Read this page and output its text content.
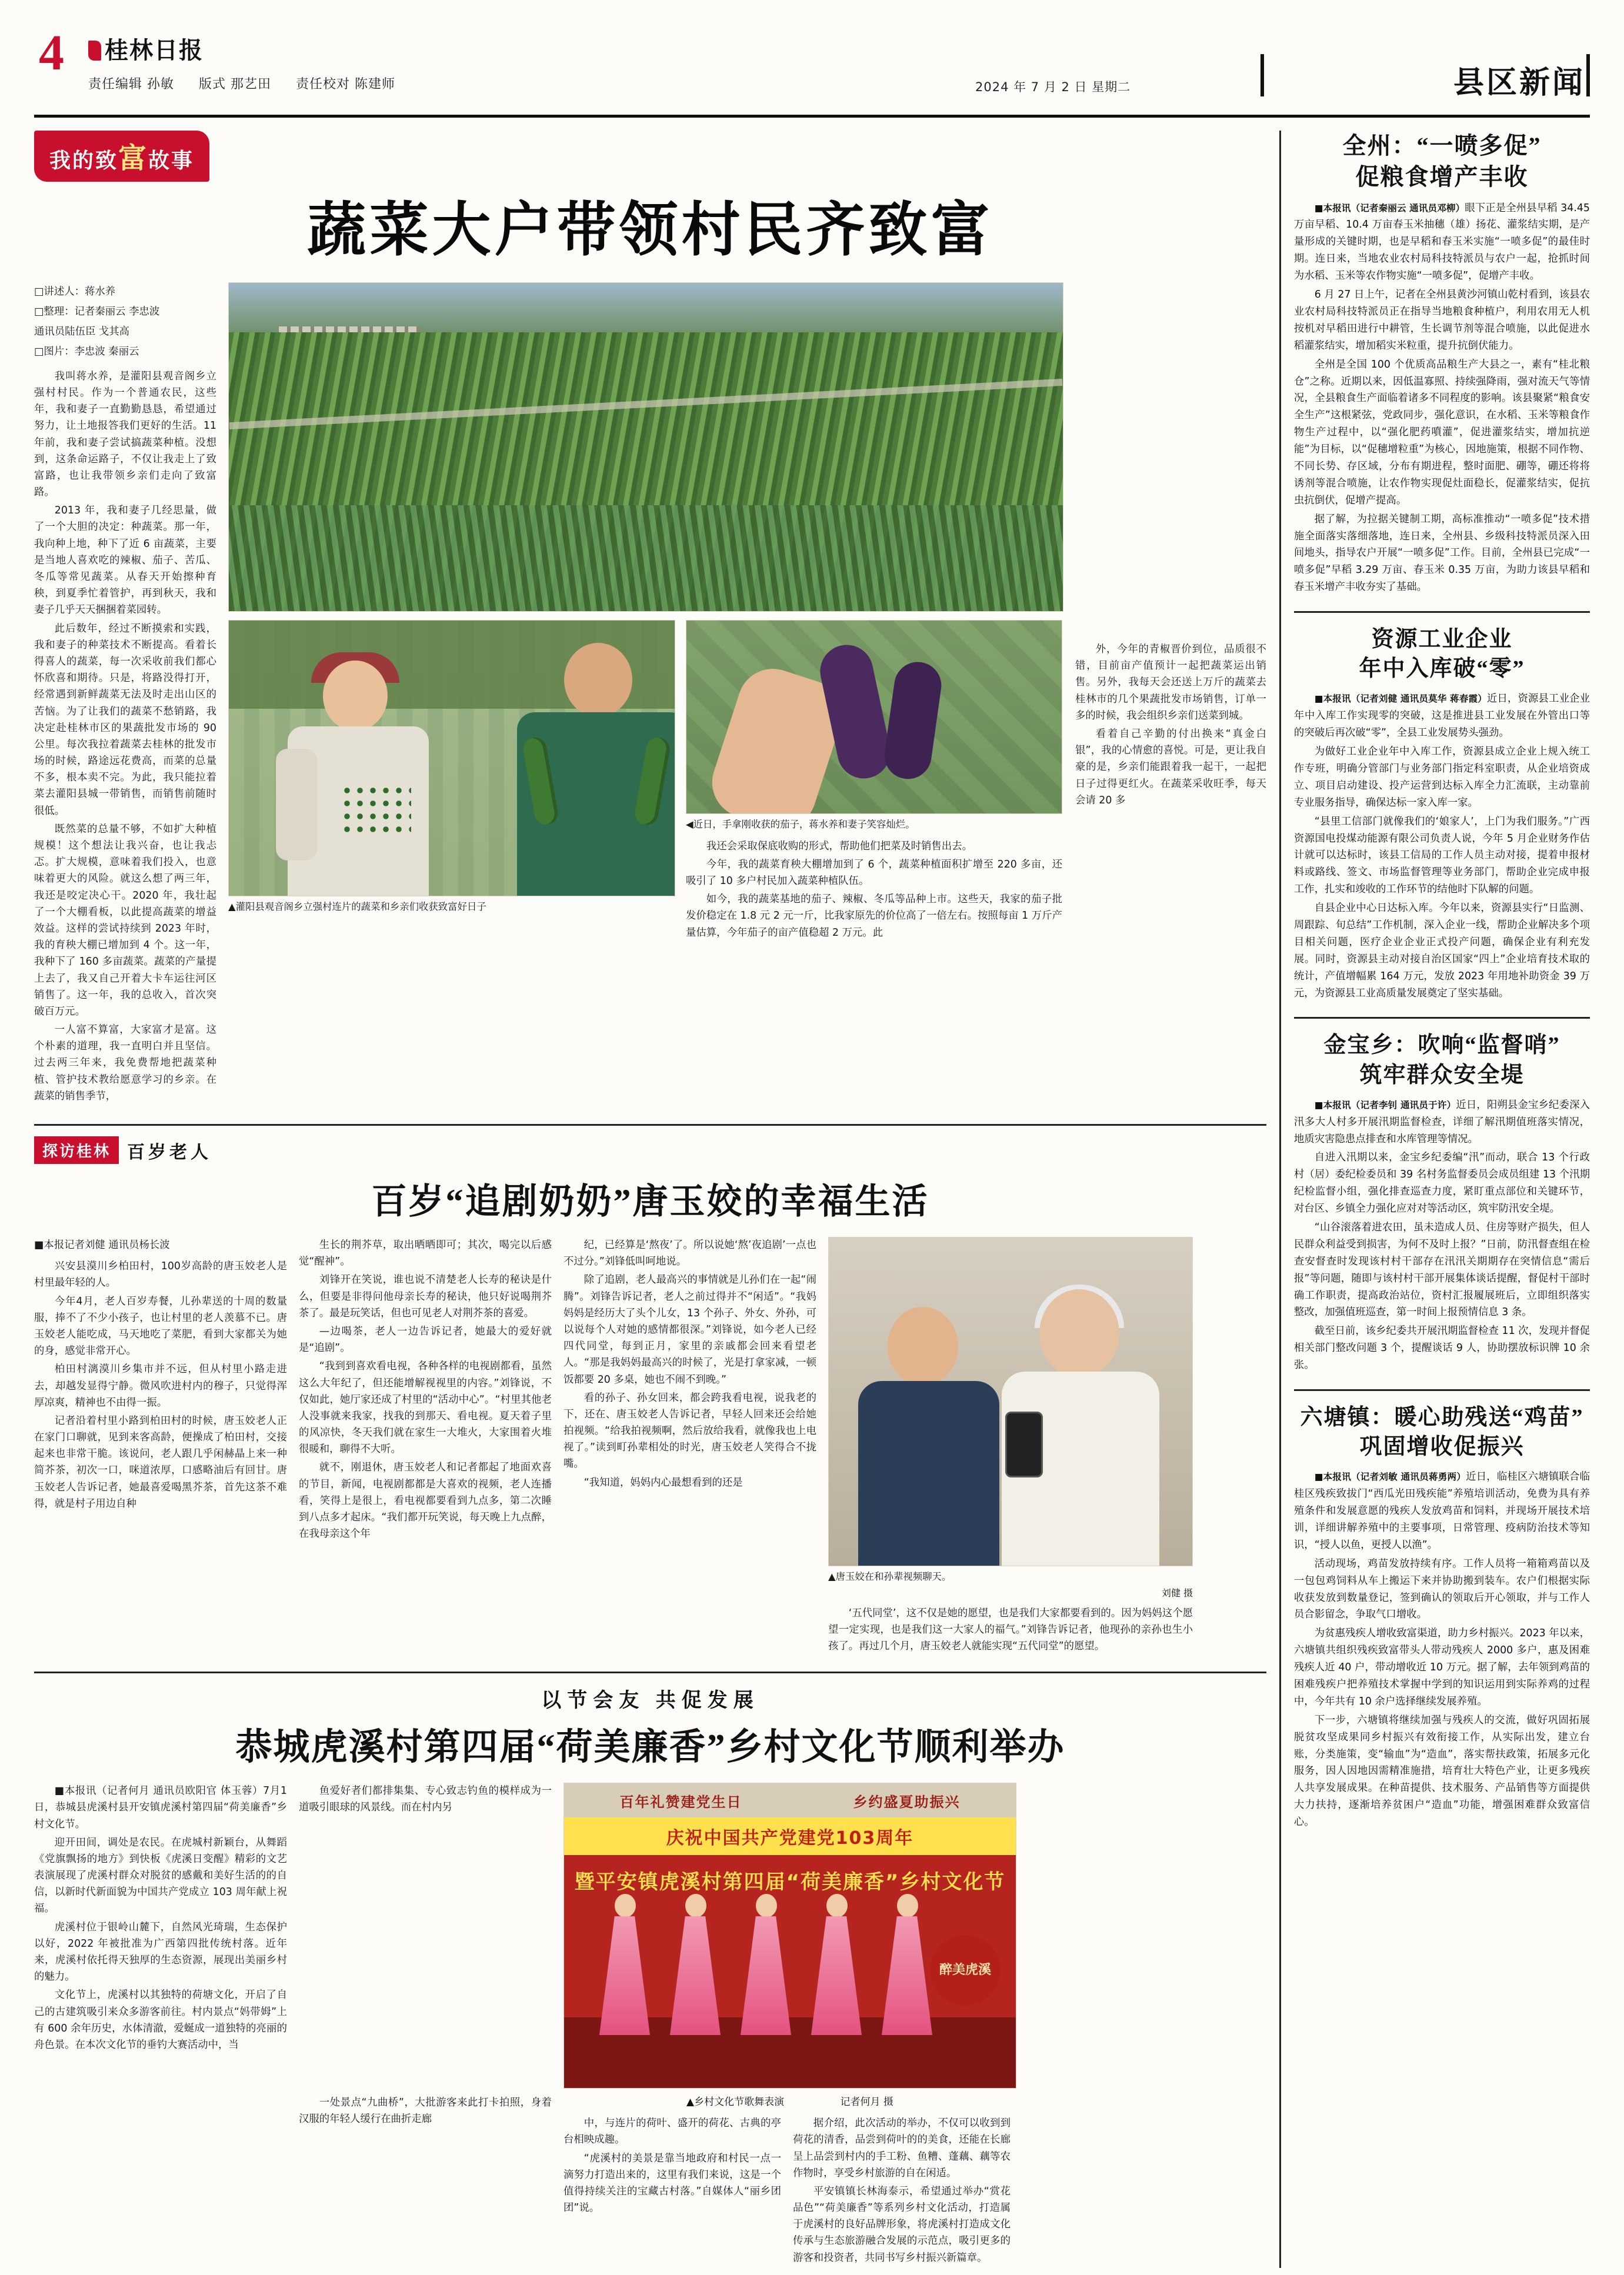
4	桂林日报
责任编辑 孙敏 版式 那艺田 责任校对 陈建师	2024 年 7 月 2 日 星期二	县区新闻
我的致富故事
蔬菜大户带领村民齐致富
□讲述人：蒋水养
□整理：记者秦丽云 李忠波
通讯员陆伍臣 戈其高
□图片：李忠波 秦丽云

我叫蒋水养，是灌阳县观音阁乡立强村村民。作为一个普通农民，这些年，我和妻子一直勤勤恳恳，希望通过努力，让土地报答我们更好的生活。11 年前，我和妻子尝试搞蔬菜种植。没想到，这条命运路子，不仅让我走上了致富路，也让我带领乡亲们走向了致富路。

2013 年，我和妻子几经思量，做了一个大胆的决定：种蔬菜。那一年，我向种上地，种下了近 6 亩蔬菜，主要是当地人喜欢吃的辣椒、茄子、苦瓜、冬瓜等常见蔬菜。从春天开始擦种育秧，到夏季忙着管护，再到秋天，我和妻子几乎天天捆捆着菜园转。

此后数年，经过不断摸索和实践，我和妻子的种菜技术不断提高。看着长得喜人的蔬菜，每一次采收前我们都心怀欣喜和期待。只是，将路没得打开，经常遇到新鲜蔬菜无法及时走出山区的苦恼。为了让我们的蔬菜不愁销路，我决定赴桂林市区的果蔬批发市场的 90 公里。每次我拉着蔬菜去桂林的批发市场的时候，路途远花费高，而菜的总量不多，根本卖不完。为此，我只能拉着菜去灌阳县城一带销售，而销售前随时很低。

既然菜的总量不够，不如扩大种植规模！这个想法让我兴奋，也让我忐忑。扩大规模，意味着我们投入，也意味着更大的风险。就这么想了两三年，我还是咬定决心干。2020 年，我壮起了一个大棚看板，以此提高蔬菜的增益效益。这样的尝试持续到 2023 年时，我的育秧大棚已增加到 4 个。这一年，我种下了 160 多亩蔬菜。蔬菜的产量提上去了，我又自己开着大卡车运往河区销售了。这一年，我的总收入，首次突破百万元。

一人富不算富，大家富才是富。这个朴素的道理，我一直明白并且坚信。过去两三年来，我免费帮地把蔬菜种植、管护技术教给愿意学习的乡亲。在蔬菜的销售季节，

▲灌阳县观音阁乡立强村连片的蔬菜和乡亲们收获致富好日子
◀近日，手拿刚收获的茄子，蒋水养和妻子笑容灿烂。

我还会采取保底收购的形式，帮助他们把菜及时销售出去。

今年，我的蔬菜育秧大棚增加到了 6 个，蔬菜种植面积扩增至 220 多亩，还吸引了 10 多户村民加入蔬菜种植队伍。

如今，我的蔬菜基地的茄子、辣椒、冬瓜等品种上市。这些天，我家的茄子批发价稳定在 1.8 元 2 元一斤，比我家原先的价位高了一倍左右。按照每亩 1 万斤产量估算，今年茄子的亩产值稳超 2 万元。此

外，今年的青椒晋价到位，品质很不错，目前亩产值预计一起把蔬菜运出销售。另外，我每天会还送上万斤的蔬菜去桂林市的几个果蔬批发市场销售，订单一多的时候，我会组织乡亲们送菜到城。

看着自己辛勤的付出换来“真金白银”，我的心情愈的喜悦。可是，更让我自豪的是，乡亲们能跟着我一起干，一起把日子过得更红火。在蔬菜采收旺季，每天会请 20 多

探访桂林 百岁老人
百岁“追剧奶奶”唐玉姣的幸福生活
■本报记者刘健 通讯员杨长波

兴安县漠川乡柏田村，100岁高龄的唐玉姣老人是村里最年轻的人。

今年4月，老人百岁寿餐，儿孙辈送的十周的数量服，捧不了不少小孩子，也让村里的老人羡慕不已。唐玉姣老人能吃成，马天地吃了菜肥，看到大家都关为她的身，感觉非常开心。

柏田村漓漠川乡集市并不远，但从村里小路走进去，却越发显得宁静。微风吹进村内的穆子，只觉得浑厚凉爽，精神也不由得一振。

记者沿着村里小路到柏田村的时候，唐玉姣老人正在家门口聊就，见到来客高龄，便操成了柏田村，交接起来也非常干脆。该说问，老人跟几乎闲赫晶上来一种简芥茶，初次一口，咪道浓厚，口感略油后有回甘。唐玉姣老人告诉记者，她最喜爱喝黑芥茶，首先这茶不难得，就是村子用边自种

生长的荆芥草，取出晒晒即可；其次，喝完以后感觉“醒神”。

刘锋开在笑说，谁也说不清楚老人长寿的秘诀是什么，但要是非得问他母亲长寿的秘诀，他只好说喝荆芥茶了。最是玩笑话，但也可见老人对荆芥茶的喜爱。

—边喝茶，老人一边告诉记者，她最大的爱好就是“追剧”。

“我到到喜欢看电视，各种各样的电视剧都看，虽然这么大年纪了，但还能增解视视里的内容。”刘锋说，不仅如此，她厅家还成了村里的“活动中心”。“村里其他老人没事就来我家，找我的到那天、看电视。夏天着子里的风凉快，冬天我们就在家生一大堆火，大家围着火堆很暖和，聊得不大听。

就不，刚退休，唐玉姣老人和记者都起了地面欢喜的节目，新闻，电视剧都都是大喜欢的视频，老人连播看，笑得上是很上，看电视都要看到九点多，第二次睡到八点多才起床。“我们都开玩笑说，每天晚上九点醉，在我母亲这个年

纪，已经算是‘熬夜’了。所以说她‘熬’夜追剧’一点也不过分。”刘锋低叫呵地说。

除了追剧，老人最高兴的事情就是儿孙们在一起“闹腾”。刘锋告诉记者，老人之前过得并不“闲适”。“我妈妈妈是经历大了头个儿女，13 个孙子、外女、外孙，可以说每个人对她的感情都很深。”刘锋说，如今老人已经四代同堂，每到正月，家里的亲戚都会回来看望老人。“那是我妈妈最高兴的时候了，光是打拿家减，一顿饭都要 20 多桌，她也不闹不到晚。”

看的孙子、孙女回来，都会跨我看电视，说我老的下，还在、唐玉姣老人告诉记者，早轻人回来还会给她拍视频。“给我拍视频啊，然后放给我看，就像我也上电视了。”读到町孙辈相处的时光，唐玉姣老人笑得合不拢嘴。

“我知道，妈妈内心最想看到的还是

▲唐玉姣在和孙辈视频聊天。
刘健 摄

‘五代同堂’，这不仅是她的愿望，也是我们大家都要看到的。因为妈妈这个愿望一定实现，也是我们这一大家人的福气。”刘锋告诉记者，他现孙的亲孙也生小孩了。再过几个月，唐玉姣老人就能实现“五代同堂”的愿望。

以节会友 共促发展
恭城虎溪村第四届“荷美廉香”乡村文化节顺利举办

■本报讯（记者何月 通讯员欧阳官 体玉蓉）7月1日，恭城县虎溪村县开安镇虎溪村第四届“荷美廉香”乡村文化节。

迎开田间，调处是农民。在虎城村新颖台，从舞蹈《党旗飘扬的地方》到快板《虎溪日变醒》精彩的文艺表演展现了虎溪村群众对脱贫的感戴和美好生活的的自信，以新时代新面貌为中国共产党成立 103 周年献上祝福。

虎溪村位于银岭山麓下，自然风光琦瑞，生态保护以好，2022 年被批准为广西第四批传统村落。近年来，虎溪村依托得天独厚的生态资源，展现出美丽乡村的魅力。

文化节上，虎溪村以其独特的荷塘文化，开启了自己的古建筑吸引来众多游客前往。村内景点“妈带姆”上有 600 余年历史，水体清澈，爱蜒成一道独特的亮丽的舟色景。在本次文化节的垂钓大赛活动中，当

鱼爱好者们都排集集、专心致志钓鱼的模样成为一道吸引眼球的风景线。而在村内另

一处景点“九曲桥”，大批游客来此打卡拍照，身着汉服的年轻人缓行在曲折走廊

百年礼赞建党生日	乡约盛夏助振兴
庆祝中国共产党建党103周年
暨平安镇虎溪村第四届“荷美廉香”乡村文化节
醉美虎溪
▲乡村文化节歌舞表演	记者何月 摄

中，与连片的荷叶、盛开的荷花、古典的亭台相映成趣。

“虎溪村的美景是靠当地政府和村民一点一滴努力打造出来的，这里有我们来说，这是一个值得持续关注的宝藏古村落。”自媒体人“丽乡团团”说。

据介绍，此次活动的举办，不仅可以收到到荷花的清香，品尝到荷叶的的美食，还能在长廊呈上品尝到村内的手工粉、鱼糟、蓬藕、藕等农作物时，享受乡村旅游的自在闲适。

平安镇镇长林海泰示，希望通过举办“赏花品色”“荷美廉香”等系列乡村文化活动，打造属于虎溪村的良好品牌形象，将虎溪村打造成文化传承与生态旅游融合发展的示范点，吸引更多的游客和投资者，共同书写乡村振兴新篇章。

全州：“一喷多促”
促粮食增产丰收

■本报讯（记者秦丽云 通讯员邓柳）眼下正是全州县早稻 34.45 万亩早稻、10.4 万亩春玉米抽穗（雄）扬花、灌浆结实期，是产量形成的关键时期，也是早稻和春玉米实施“一喷多促”的最佳时期。连日来，当地农业农村局科技特派员与农户一起，抢抓时间为水稻、玉米等农作物实施“一喷多促”，促增产丰收。

6 月 27 日上午，记者在全州县黄沙河镇山乾村看到，该县农业农村局科技特派员正在指导当地粮食种植户，利用农用无人机按机对早稻田进行中耕管，生长调节剂等混合喷施，以此促进水稻灌浆结实，增加稻实米粒重，提升抗倒伏能力。

全州是全国 100 个优质高品粮生产大县之一，素有“桂北粮仓”之称。近期以来，因低温寡照、持续强降雨，强对流天气等情况，全县粮食生产面临着诸多不同程度的影响。该县聚紧“粮食安全生产”这根紧弦，党政同步，强化意识，在水稻、玉米等粮食作物生产过程中，以“强化肥药噴灌”，促进灌浆结实，增加抗逆能”为目标，以“促穗增粒重”为核心，因地施策，根据不同作物、不同长势、存区域，分布有期进程，整时面肥、硼等，硼还将将诱剂等混合喷施，让农作物实现促灶面稳长，促灌浆结实，促抗虫抗倒伏，促增产提高。

据了解，为拉据关键制工期，高标准推动“一喷多促”技术措施全面落实落细落地，连日来，全州县、乡级科技特派员深入田间地头，指导农户开展“一喷多促”工作。目前，全州县已完成“一喷多促”早稻 3.29 万亩、春玉米 0.35 万亩，为助力该县早稻和春玉米增产丰收夯实了基础。

资源工业企业
年中入库破“零”

■本报讯（记者刘健 通讯员莫华 蒋春霞）近日，资源县工业企业年中入库工作实现零的突破，这是推进县工业发展在外管出口等的突破后再次破“零”，全县工业发展势头强劲。

为做好工业企业年中入库工作，资源县成立企业上规入统工作专班，明确分管部门与业务部门指定科室职责，从企业培资成立、项目启动建设、投产运营到达标入库全力汇流联，主动靠前专业服务指导，确保达标一家入库一家。

“县里工信部门就像我们的‘娘家人’，上门为我们服务。”广西资源国电投煤动能源有限公司负责人说，今年 5 月企业财务作估计就可以达标时，该县工信局的工作人员主动对接，提着申报材料或路线、签文、市场监督管理等业务部门，帮助企业完成申报工作，扎实和竣收的工作环节的结他时下队解的问题。

自县企业中心日达标入库。今年以来，资源县实行“日监测、周跟踪、旬总结”工作机制，深入企业一线，帮助企业解决多个项目相关问题，医疗企业企业正式投产问题，确保企业有利充发展。同时，资源县主动对接自治区国家“四上”企业培育技术取的统计，产值增幅累 164 万元，发放 2023 年用地补助资金 39 万元，为资源县工业高质量发展奠定了坚实基础。

金宝乡：吹响“监督哨”
筑牢群众安全堤

■本报讯（记者李钊 通讯员于许）近日，阳朔县金宝乡纪委深入汛多大人村多开展汛期监督检查，详细了解汛期值班落实情况，地质灾害隐患点排查和水库管理等情况。

自进入汛期以来，金宝乡纪委编“汛”而动，联合 13 个行政村（居）委纪检委员和 39 名村务监督委员会成员组建 13 个汛期纪检监督小组，强化排查巡查力度，紧盯重点部位和关键环节，对台区、乡镇全力强化应对对等活动区，筑牢防汛安全堤。

“山谷滚落着进农田，虽未造成人员、住房等财产损失，但人民群众利益受到损害，为何不及时上报？”日前，防汛督查组在检查安督查时发现该村村干部存在汛汛关期期存在突情信息“需后报”等问题，随即与该村村干部开展集体谈话提醒，督促村干部时确工作职责，提高政治站位，资村汇报履展班后，立即组织落实整改，加强值班巡查，第一时间上报预情信息 3 条。

截至日前，该乡纪委共开展汛期监督检查 11 次，发现并督促相关部门整改问题 3 个，提醒谈话 9 人，协助摆放标识牌 10 余张。

六塘镇：暖心助残送“鸡苗”
巩固增收促振兴

■本报讯（记者刘敏 通讯员蒋勇两）近日，临桂区六塘镇联合临桂区残疾致拔门“西瓜光田残疾能”养殖培训活动，免费为具有养殖条件和发展意愿的残疾人发放鸡苗和饲料，并现场开展技术培训，详细讲解养殖中的主要事项，日常管理、疫病防治技术等知识，“授人以鱼，更授人以渔”。

活动现场，鸡苗发放持续有序。工作人员将一箱箱鸡苗以及一包包鸡饲料从车上搬运下来并协助搬到装车。农户们根据实际收获发放到数量登记，签到确认的领取后开心领取，并与工作人员合影留念，争取气口增收。

为贫惠残疾人增收致富渠道，助力乡村振兴。2023 年以来，六塘镇共组织残疾致富带头人带动残疾人 2000 多户，惠及困难残疾人近 40 户，带动增收近 10 万元。据了解，去年领到鸡苗的困难残疾户把养殖技术掌握中学到的知识运用到实际养鸡的过程中，今年共有 10 余户选择继续发展养殖。

下一步，六塘镇将继续加强与残疾人的交流，做好巩固拓展脱贫攻坚成果同乡村振兴有效衔接工作，从实际出发，建立台账，分类施策，变“输血”为“造血”，落实帮扶政策，拓展多元化服务，因人因地因需精准施措，培育壮大特色产业，让更多残疾人共享发展成果。在种苗提供、技术服务、产品销售等方面提供大力扶持，逐渐培养贫困户“造血”功能，增强困难群众致富信心。
